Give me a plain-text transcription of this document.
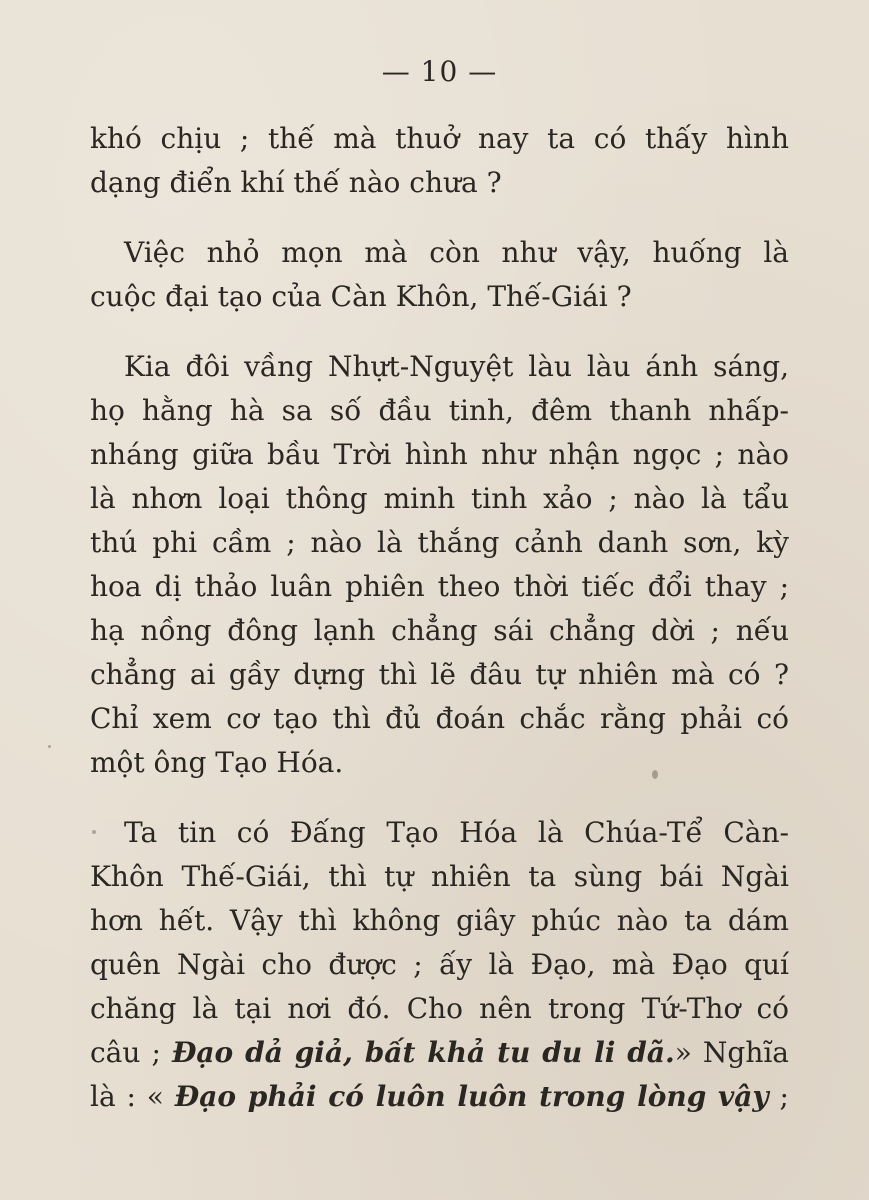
— 10 —

khó chịu ; thế mà thuở nay ta có thấy hình
dạng điển khí thế nào chưa ?

Việc nhỏ mọn mà còn như vậy, huống là
cuộc đại tạo của Càn Khôn, Thế-Giái ?

Kia đôi vầng Nhựt-Nguyệt làu làu ánh sáng,
họ hằng hà sa số đầu tinh, đêm thanh nhấp-
nháng giữa bầu Trời hình như nhận ngọc ; nào
là nhơn loại thông minh tinh xảo ; nào là tẩu
thú phi cầm ; nào là thắng cảnh danh sơn, kỳ
hoa dị thảo luân phiên theo thời tiếc đổi thay ;
hạ nồng đông lạnh chẳng sái chẳng dời ; nếu
chẳng ai gầy dựng thì lẽ đâu tự nhiên mà có ?
Chỉ xem cơ tạo thì đủ đoán chắc rằng phải có
một ông Tạo Hóa.

Ta tin có Đấng Tạo Hóa là Chúa-Tể Càn-
Khôn Thế-Giái, thì tự nhiên ta sùng bái Ngài
hơn hết. Vậy thì không giây phúc nào ta dám
quên Ngài cho được ; ấy là Đạo, mà Đạo quí
chăng là tại nơi đó. Cho nên trong Tứ-Thơ có
câu ; Đạo dả giả, bất khả tu du li dã.» Nghĩa
là : « Đạo phải có luôn luôn trong lòng vậy ;
